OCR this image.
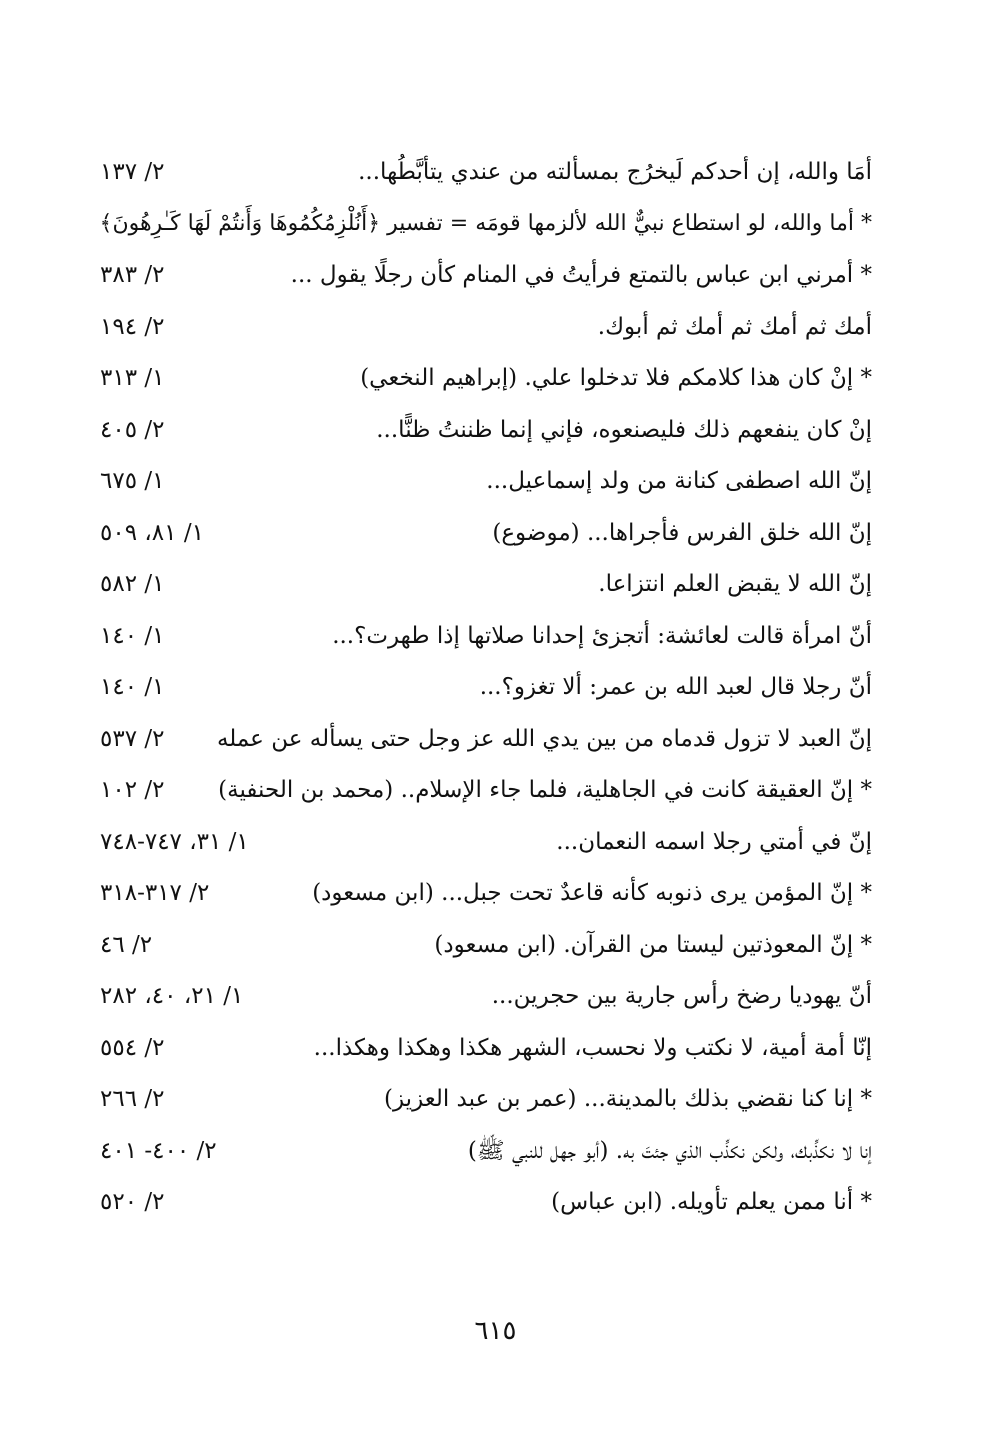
أمَا والله، إن أحدكم لَيخرُج بمسألته من عندي يتأبَّطُها...
٢/ ١٣٧
* أما والله، لو استطاع نبيٌّ الله لألزمها قومَه = تفسير ﴿أَنُلْزِمُكُمُوهَا وَأَنتُمْ لَهَا كَـٰرِهُونَ﴾
* أمرني ابن عباس بالتمتع فرأيتُ في المنام كأن رجلًا يقول ...
٢/ ٣٨٣
أمك ثم أمك ثم أمك ثم أبوك.
٢/ ١٩٤
* إنْ كان هذا كلامكم فلا تدخلوا علي. (إبراهيم النخعي)
١/ ٣١٣
إنْ كان ينفعهم ذلك فليصنعوه، فإني إنما ظننتُ ظنًّا...
٢/ ٤٠٥
إنّ الله اصطفى كنانة من ولد إسماعيل...
١/ ٦٧٥
إنّ الله خلق الفرس فأجراها... (موضوع)
١/ ٨١، ٥٠٩
إنّ الله لا يقبض العلم انتزاعا.
١/ ٥٨٢
أنّ امرأة قالت لعائشة: أتجزئ إحدانا صلاتها إذا طهرت؟...
١/ ١٤٠
أنّ رجلا قال لعبد الله بن عمر: ألا تغزو؟...
١/ ١٤٠
إنّ العبد لا تزول قدماه من بين يدي الله عز وجل حتى يسأله عن عمله
٢/ ٥٣٧
* إنّ العقيقة كانت في الجاهلية، فلما جاء الإسلام.. (محمد بن الحنفية)
٢/ ١٠٢
إنّ في أمتي رجلا اسمه النعمان...
١/ ٣١، ٧٤٧-٧٤٨
* إنّ المؤمن يرى ذنوبه كأنه قاعدٌ تحت جبل... (ابن مسعود)
٢/ ٣١٧-٣١٨
* إنّ المعوذتين ليستا من القرآن. (ابن مسعود)
٢/ ٤٦
أنّ يهوديا رضخ رأس جارية بين حجرين...
١/ ٢١، ٤٠، ٢٨٢
إنّا أمة أمية، لا نكتب ولا نحسب، الشهر هكذا وهكذا وهكذا...
٢/ ٥٥٤
* إنا كنا نقضي بذلك بالمدينة... (عمر بن عبد العزيز)
٢/ ٢٦٦
إنا لا نكذِّبك، ولكن نكذِّب الذي جئتَ به. (أبو جهل للنبي ﷺ)
٢/ ٤٠٠- ٤٠١
* أنا ممن يعلم تأويله. (ابن عباس)
٢/ ٥٢٠
٦١٥
